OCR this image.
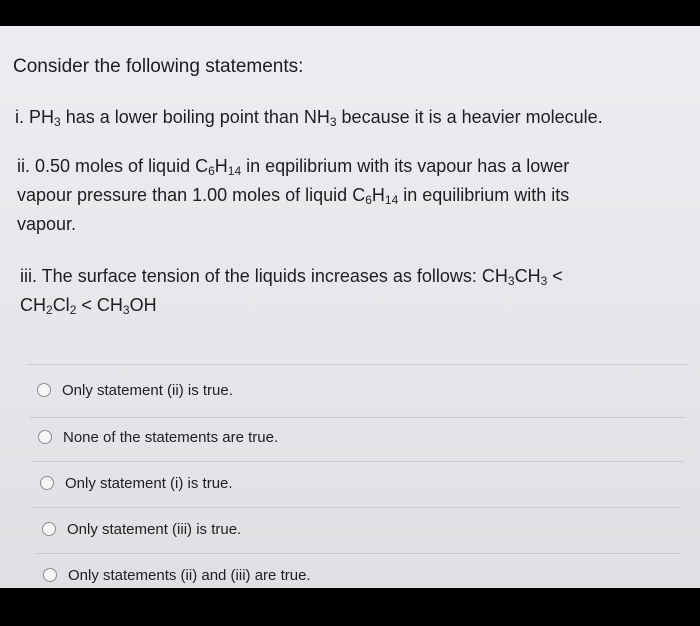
Consider the following statements:
i. $PH_3$ has a lower boiling point than $NH_3$ because it is a heavier molecule.
ii. 0.50 moles of liquid $C_6H_{14}$ in eqpilibrium with its vapour has a lower
vapour pressure than 1.00 moles of liquid $C_6H_{14}$ in equilibrium with its
vapour.
iii. The surface tension of the liquids increases as follows: $CH_3CH_3$ <
$CH_2Cl_2 < CH_3OH$
Only statement (ii) is true.
None of the statements are true.
Only statement (i) is true.
Only statement (iii) is true.
Only statements (ii) and (iii) are true.
